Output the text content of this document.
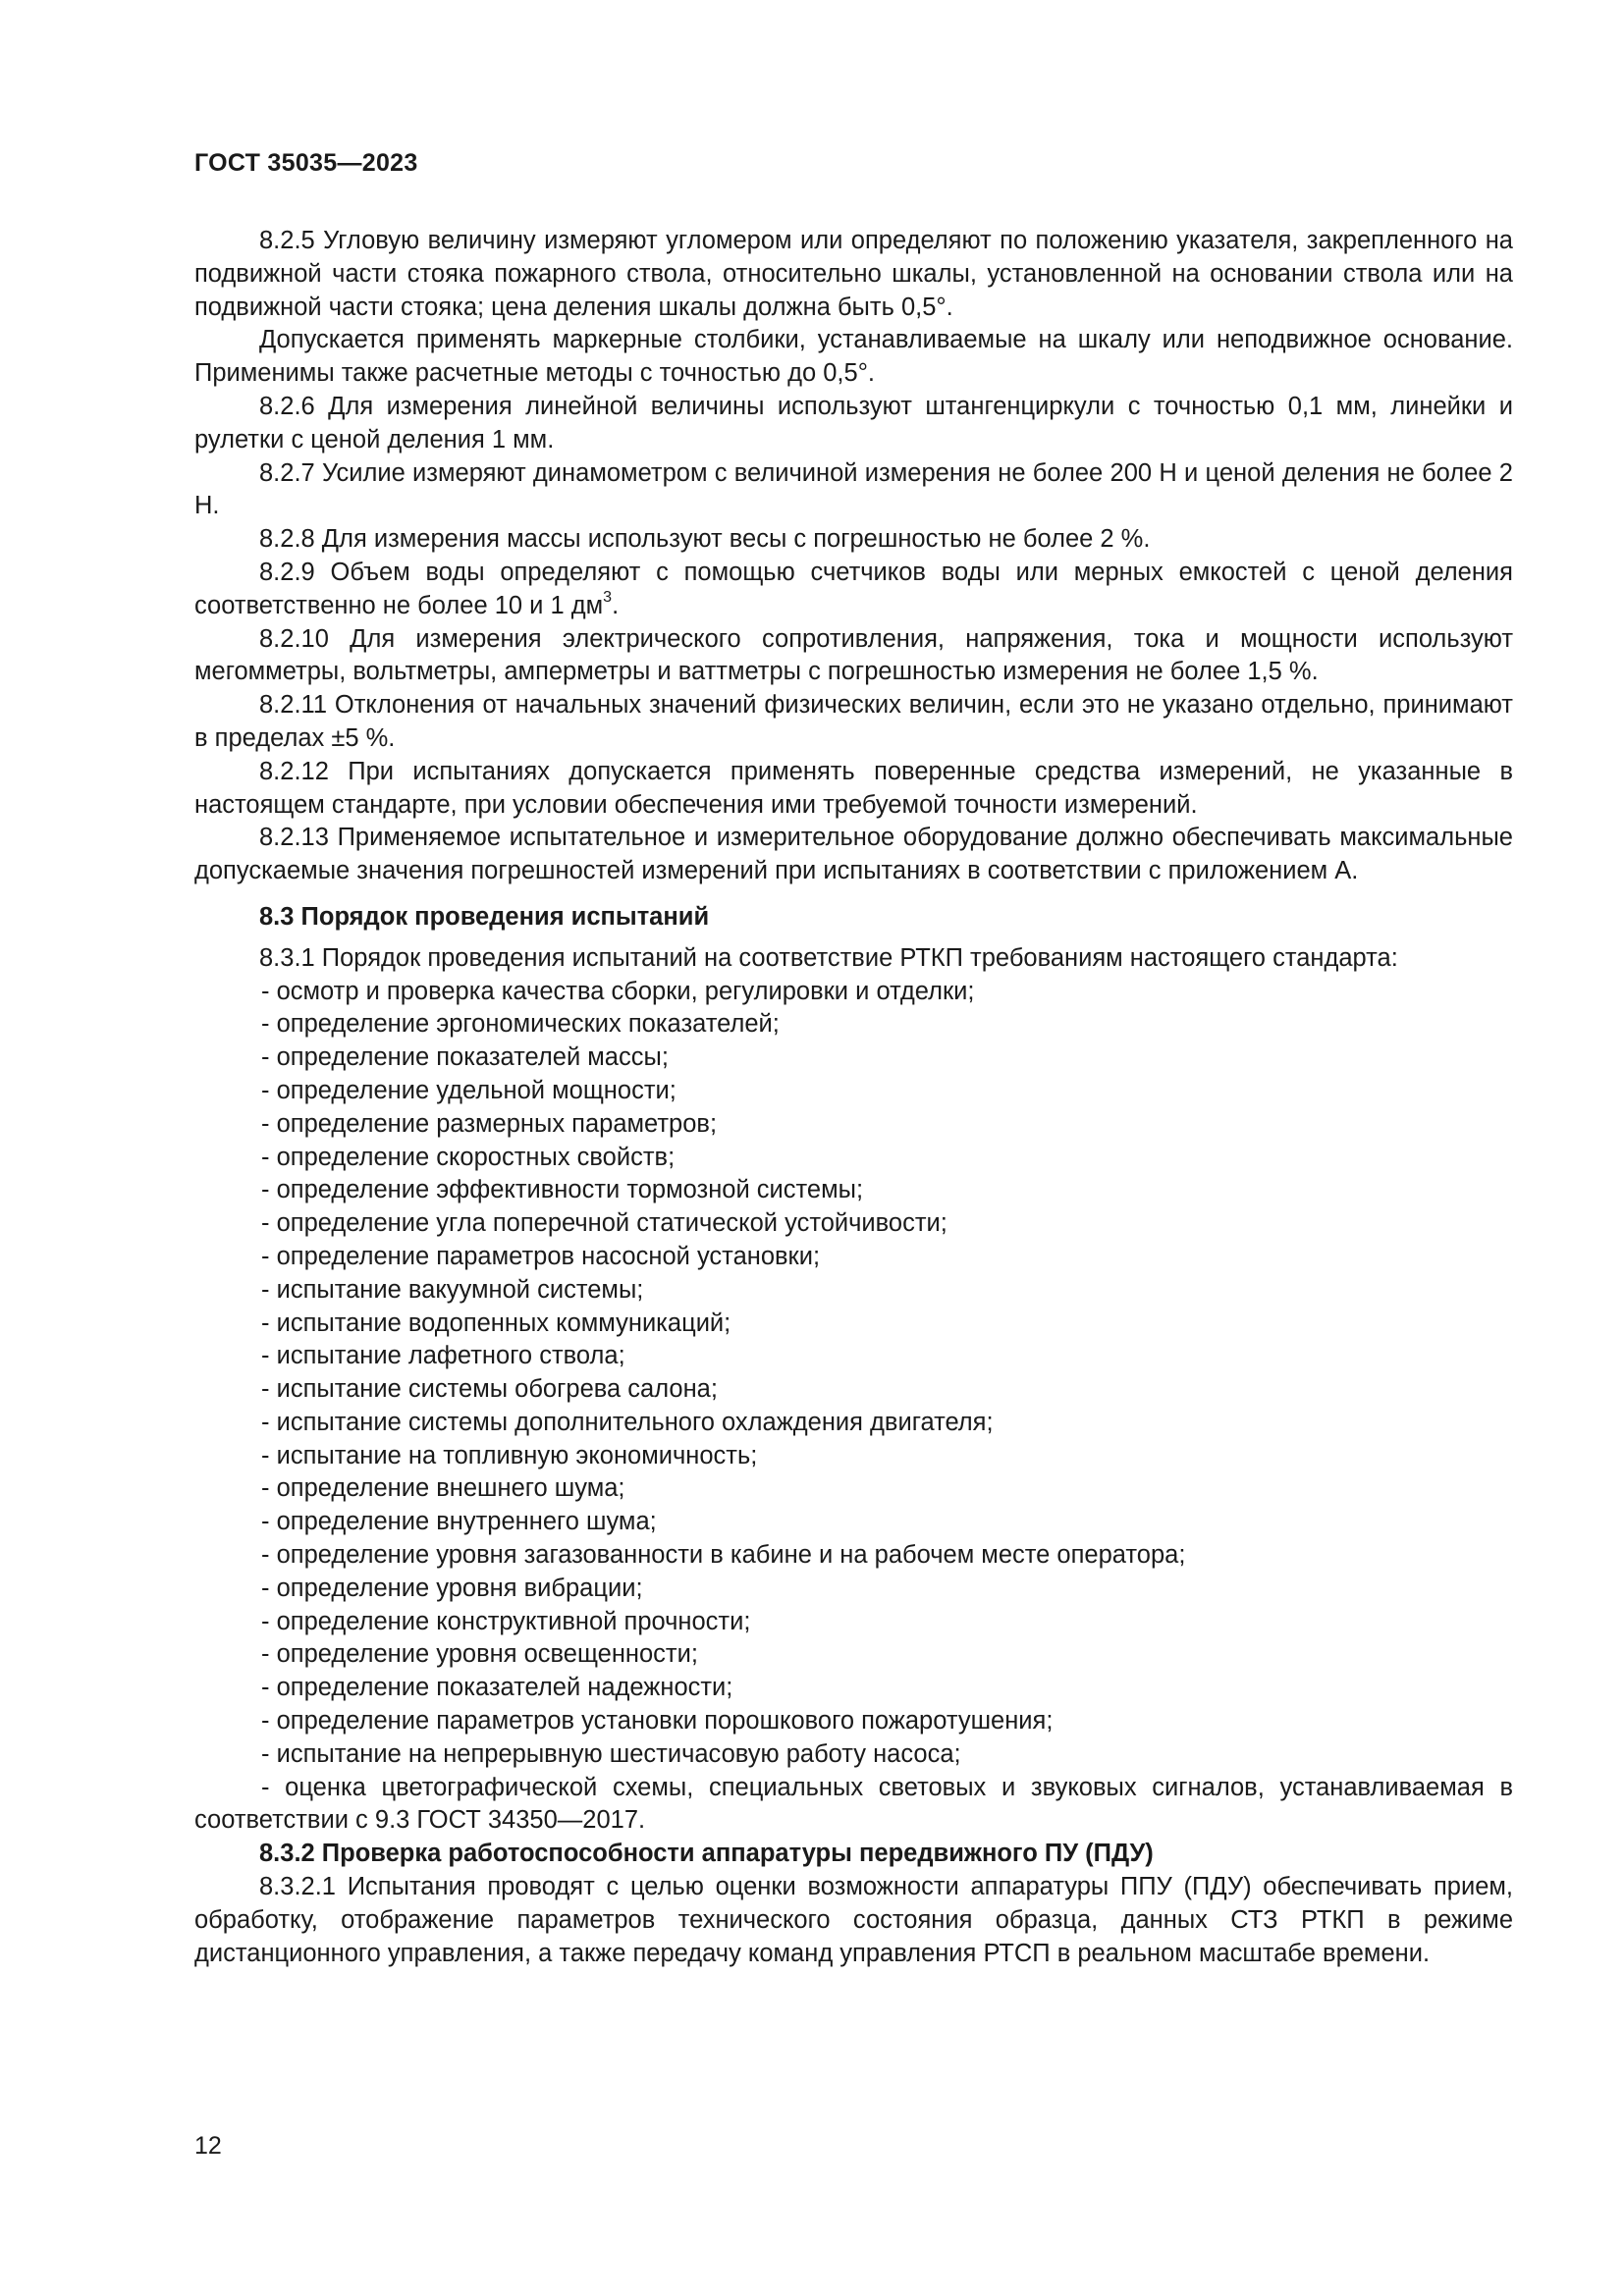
ГОСТ 35035—2023

8.2.5 Угловую величину измеряют угломером или определяют по положению указателя, закрепленного на подвижной части стояка пожарного ствола, относительно шкалы, установленной на основании ствола или на подвижной части стояка; цена деления шкалы должна быть 0,5°.

Допускается применять маркерные столбики, устанавливаемые на шкалу или неподвижное основание. Применимы также расчетные методы с точностью до 0,5°.

8.2.6 Для измерения линейной величины используют штангенциркули с точностью 0,1 мм, линейки и рулетки с ценой деления 1 мм.

8.2.7 Усилие измеряют динамометром с величиной измерения не более 200 Н и ценой деления не более 2 Н.

8.2.8 Для измерения массы используют весы с погрешностью не более 2 %.

8.2.9 Объем воды определяют с помощью счетчиков воды или мерных емкостей с ценой деления соответственно не более 10 и 1 $дм^3$.

8.2.10 Для измерения электрического сопротивления, напряжения, тока и мощности используют мегомметры, вольтметры, амперметры и ваттметры с погрешностью измерения не более 1,5 %.

8.2.11 Отклонения от начальных значений физических величин, если это не указано отдельно, принимают в пределах ±5 %.

8.2.12 При испытаниях допускается применять поверенные средства измерений, не указанные в настоящем стандарте, при условии обеспечения ими требуемой точности измерений.

8.2.13 Применяемое испытательное и измерительное оборудование должно обеспечивать максимальные допускаемые значения погрешностей измерений при испытаниях в соответствии с приложением А.

8.3 Порядок проведения испытаний

8.3.1 Порядок проведения испытаний на соответствие РТКП требованиям настоящего стандарта:

- осмотр и проверка качества сборки, регулировки и отделки;
- определение эргономических показателей;
- определение показателей массы;
- определение удельной мощности;
- определение размерных параметров;
- определение скоростных свойств;
- определение эффективности тормозной системы;
- определение угла поперечной статической устойчивости;
- определение параметров насосной установки;
- испытание вакуумной системы;
- испытание водопенных коммуникаций;
- испытание лафетного ствола;
- испытание системы обогрева салона;
- испытание системы дополнительного охлаждения двигателя;
- испытание на топливную экономичность;
- определение внешнего шума;
- определение внутреннего шума;
- определение уровня загазованности в кабине и на рабочем месте оператора;
- определение уровня вибрации;
- определение конструктивной прочности;
- определение уровня освещенности;
- определение показателей надежности;
- определение параметров установки порошкового пожаротушения;
- испытание на непрерывную шестичасовую работу насоса;
- оценка цветографической схемы, специальных световых и звуковых сигналов, устанавливаемая в соответствии с 9.3 ГОСТ 34350—2017.
8.3.2 Проверка работоспособности аппаратуры передвижного ПУ (ПДУ)

8.3.2.1 Испытания проводят с целью оценки возможности аппаратуры ППУ (ПДУ) обеспечивать прием, обработку, отображение параметров технического состояния образца, данных СТЗ РТКП в режиме дистанционного управления, а также передачу команд управления РТСП в реальном масштабе времени.

12
